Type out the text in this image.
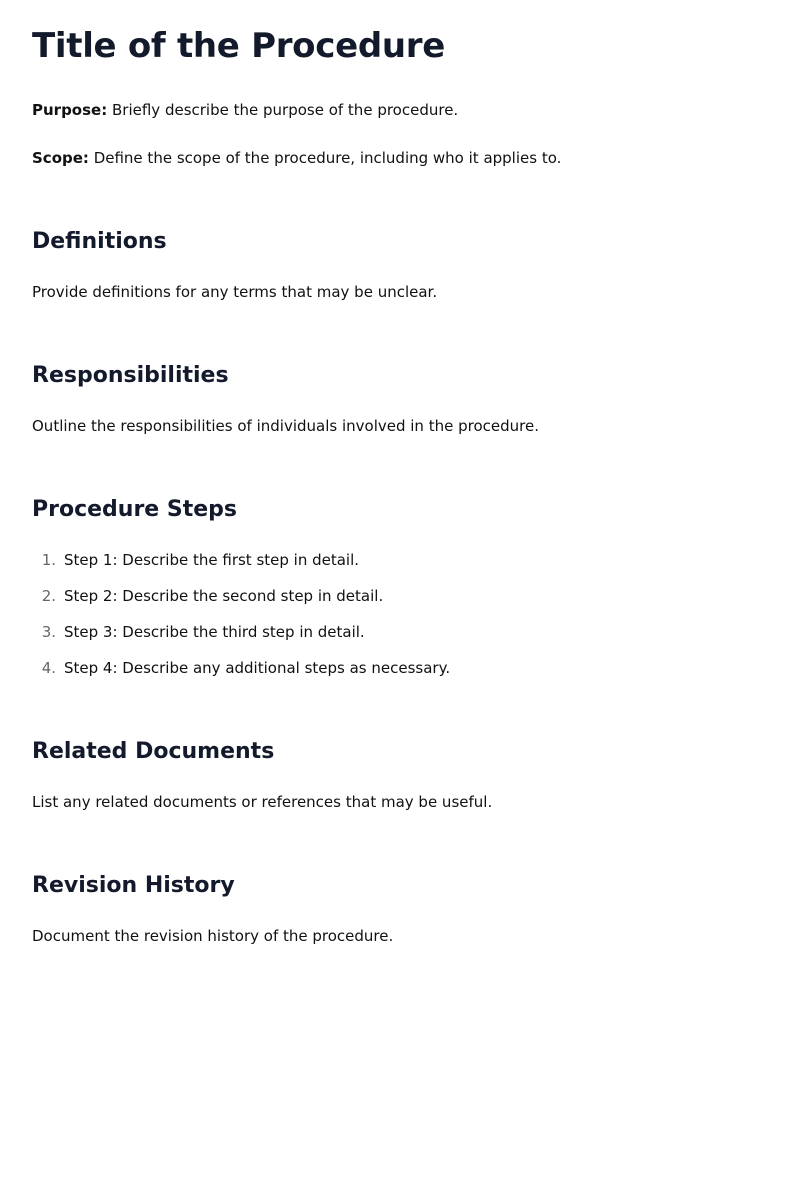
Title of the Procedure

Purpose: Briefly describe the purpose of the procedure.

Scope: Define the scope of the procedure, including who it applies to.

Definitions

Provide definitions for any terms that may be unclear.

Responsibilities

Outline the responsibilities of individuals involved in the procedure.

Procedure Steps
1. Step 1: Describe the first step in detail.
2. Step 2: Describe the second step in detail.
3. Step 3: Describe the third step in detail.
4. Step 4: Describe any additional steps as necessary.
Related Documents

List any related documents or references that may be useful.

Revision History

Document the revision history of the procedure.
